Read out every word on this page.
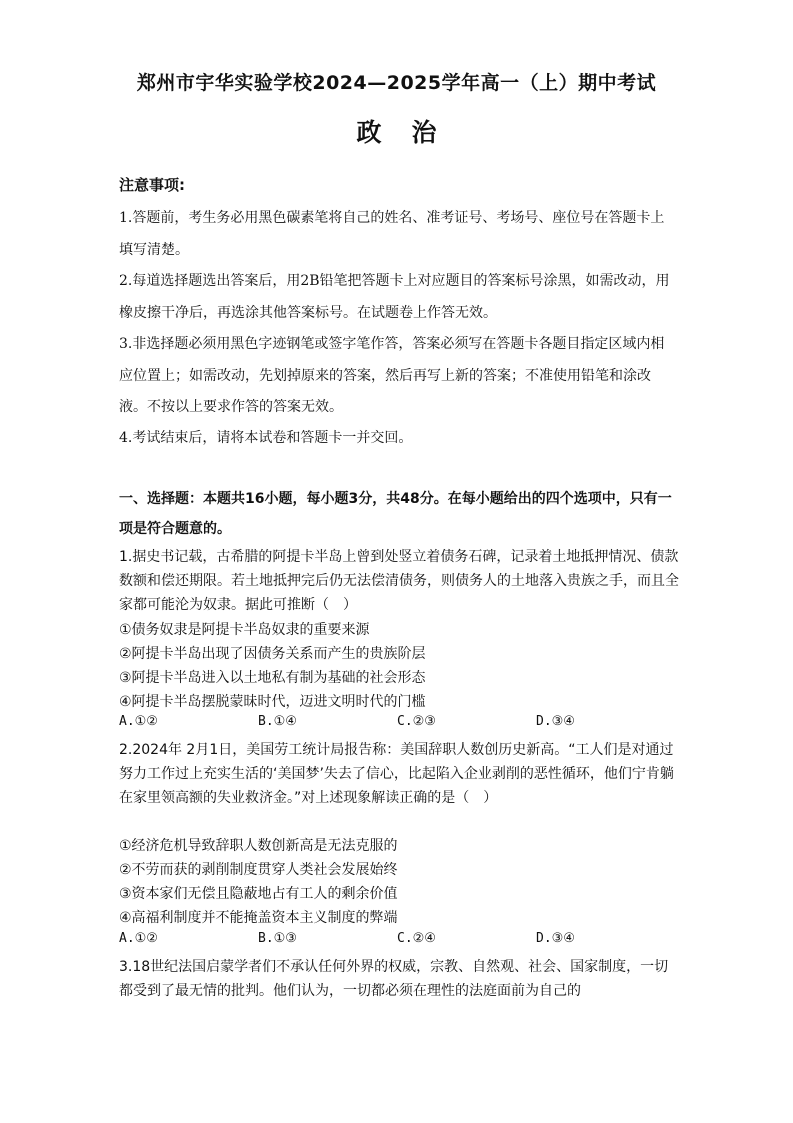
郑州市宇华实验学校2024—2025学年高一（上）期中考试
政治
注意事项:
1.答题前，考生务必用黑色碳素笔将自己的姓名、准考证号、考场号、座位号在答题卡上填写清楚。
2.每道选择题选出答案后，用2B铅笔把答题卡上对应题目的答案标号涂黑，如需改动，用橡皮擦干净后，再选涂其他答案标号。在试题卷上作答无效。
3.非选择题必须用黑色字迹钢笔或签字笔作答，答案必须写在答题卡各题目指定区域内相应位置上；如需改动，先划掉原来的答案，然后再写上新的答案；不准使用铅笔和涂改液。不按以上要求作答的答案无效。
4.考试结束后，请将本试卷和答题卡一并交回。
一、选择题：本题共16小题，每小题3分，共48分。在每小题给出的四个选项中，只有一项是符合题意的。
1.据史书记载，古希腊的阿提卡半岛上曾到处竖立着债务石碑，记录着土地抵押情况、债款数额和偿还期限。若土地抵押完后仍无法偿清债务，则债务人的土地落入贵族之手，而且全家都可能沦为奴隶。据此可推断（　）
①债务奴隶是阿提卡半岛奴隶的重要来源
②阿提卡半岛出现了因债务关系而产生的贵族阶层
③阿提卡半岛进入以土地私有制为基础的社会形态
④阿提卡半岛摆脱蒙昧时代，迈进文明时代的门槛
A.①②	B.①④	C.②③	D.③④
2.2024年 2月1日，美国劳工统计局报告称：美国辞职人数创历史新高。“工人们是对通过努力工作过上充实生活的‘美国梦’失去了信心，比起陷入企业剥削的恶性循环，他们宁肯躺在家里领高额的失业救济金。”对上述现象解读正确的是（　）
①经济危机导致辞职人数创新高是无法克服的
②不劳而获的剥削制度贯穿人类社会发展始终
③资本家们无偿且隐蔽地占有工人的剩余价值
④高福利制度并不能掩盖资本主义制度的弊端
A.①②	B.①③	C.②④	D.③④
3.18世纪法国启蒙学者们不承认任何外界的权威，宗教、自然观、社会、国家制度，一切都受到了最无情的批判。他们认为，一切都必须在理性的法庭面前为自己的
